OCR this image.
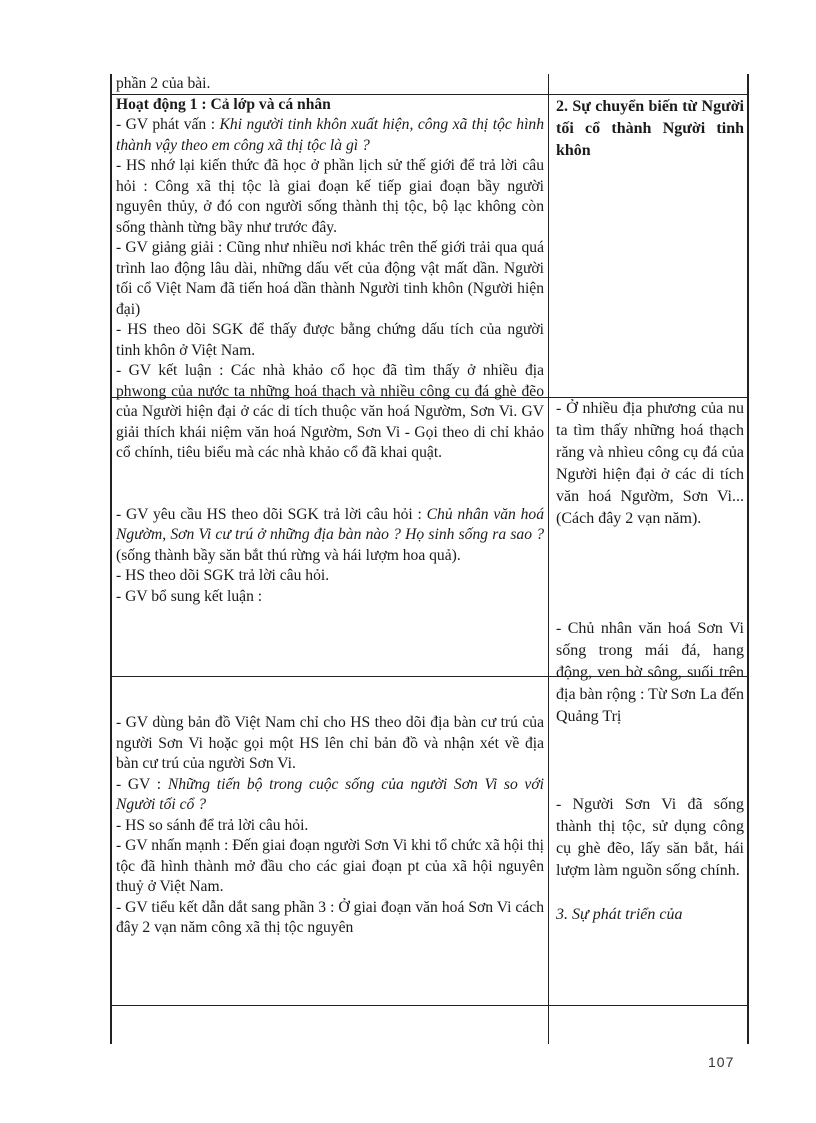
phần 2 của bài.

Hoạt động 1 : Cả lớp và cá nhân

- GV phát vấn : Khi người tinh khôn xuất hiện, công xã thị tộc hình thành vậy theo em công xã thị tộc là gì ?

- HS nhớ lại kiến thức đã học ở phần lịch sử thế giới để trả lời câu hỏi : Công xã thị tộc là giai đoạn kế tiếp giai đoạn bầy người nguyên thủy, ở đó con người sống thành thị tộc, bộ lạc không còn sống thành từng bầy như trước đây.

- GV giảng giải : Cũng như nhiều nơi khác trên thế giới trải qua quá trình lao động lâu dài, những dấu vết của động vật mất dần. Người tối cổ Việt Nam đã tiến hoá dần thành Người tinh khôn (Người hiện đại)

- HS theo dõi SGK để thấy được bằng chứng dấu tích của người tinh khôn ở Việt Nam.

- GV kết luận : Các nhà khảo cổ học đã tìm thấy ở nhiều địa phwong của nước ta những hoá thạch và nhiều công cụ đá ghè đẽo của Người hiện đại ở các di tích thuộc văn hoá Ngườm, Sơn Vi. GV giải thích khái niệm văn hoá Ngườm, Sơn Vi - Gọi theo di chỉ khảo cổ chính, tiêu biểu mà các nhà khảo cổ đã khai quật.

- GV yêu cầu HS theo dõi SGK trả lời câu hỏi : Chủ nhân văn hoá Ngườm, Sơn Vi cư trú ở những địa bàn nào ? Họ sinh sống ra sao ? (sống thành bầy săn bắt thú rừng và hái lượm hoa quả).

- HS theo dõi SGK trả lời câu hỏi.

- GV bổ sung kết luận :

- GV dùng bản đồ Việt Nam chỉ cho HS theo dõi địa bàn cư trú của người Sơn Vi hoặc gọi một HS lên chỉ bản đồ và nhận xét về địa bàn cư trú của người Sơn Vi.

- GV : Những tiến bộ trong cuộc sống của người Sơn Vi so với Người tối cổ ?

- HS so sánh để trả lời câu hỏi.

- GV nhấn mạnh : Đến giai đoạn người Sơn Vi khi tổ chức xã hội thị tộc đã hình thành mở đầu cho các giai đoạn pt của xã hội nguyên thuỷ ở Việt Nam.

- GV tiểu kết dẫn dắt sang phần 3 : Ở giai đoạn văn hoá Sơn Vi cách đây 2 vạn năm công xã thị tộc nguyên

2. Sự chuyển biến từ Người tối cổ thành Người tinh khôn

- Ở nhiều địa phương của nu ta tìm thấy những hoá thạch răng và nhìeu công cụ đá của Người hiện đại ở các di tích văn hoá Ngườm, Sơn Vi... (Cách đây 2 vạn năm).

- Chủ nhân văn hoá Sơn Vi sống trong mái đá, hang động, ven bờ sông, suối trên địa bàn rộng : Từ Sơn La đến Quảng Trị

- Người Sơn Vi đã sống thành thị tộc, sử dụng công cụ ghè đẽo, lấy săn bắt, hái lượm làm nguồn sống chính.

3. Sự phát triển của

107
